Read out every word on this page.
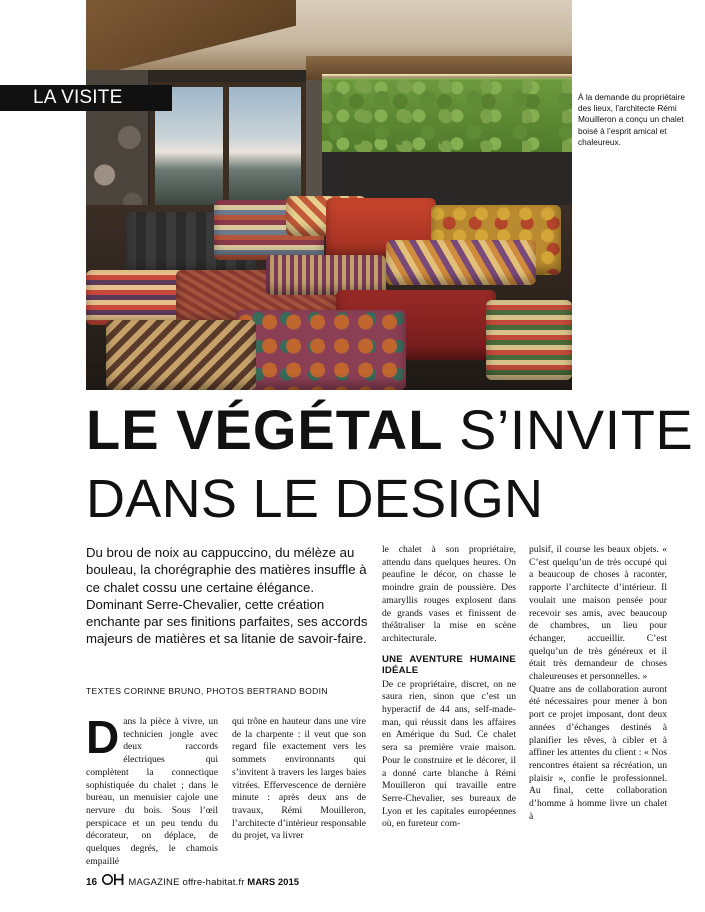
LA VISITE	À la demande du propriétaire des lieux, l’architecte Rémi Mouilleron a conçu un chalet boisé à l’esprit amical et chaleureux.
LE VÉGÉTAL S’INVITE
DANS LE DESIGN
Du brou de noix au cappuccino, du mélèze au bouleau, la chorégraphie des matières insuffle à ce chalet cossu une certaine élégance. Dominant Serre-Chevalier, cette création enchante par ses finitions parfaites, ses accords majeurs de matières et sa litanie de savoir-faire.
TEXTES CORINNE BRUNO, PHOTOS BERTRAND BODIN

Dans la pièce à vivre, un technicien jongle avec deux raccords électriques qui complètent la connectique sophistiquée du chalet ; dans le bureau, un menuisier cajole une nervure du bois. Sous l’œil perspicace et un peu tendu du décorateur, on déplace, de quelques degrés, le chamois empaillé

qui trône en hauteur dans une vire de la charpente : il veut que son regard file exactement vers les sommets environnants qui s’invitent à travers les larges baies vitrées. Effervescence de dernière minute : après deux ans de travaux, Rémi Mouilleron, l’architecte d’intérieur responsable du projet, va livrer

le chalet à son propriétaire, attendu dans quelques heures. On peaufine le décor, on chasse le moindre grain de poussière. Des amaryllis rouges explosent dans de grands vases et finissent de théâtraliser la mise en scène architecturale.

UNE AVENTURE HUMAINE IDÉALE

De ce propriétaire, discret, on ne saura rien, sinon que c’est un hyperactif de 44 ans, self-made-man, qui réussit dans les affaires en Amérique du Sud. Ce chalet sera sa première vraie maison. Pour le construire et le décorer, il a donné carte blanche à Rémi Mouilleron qui travaille entre Serre-Chevalier, ses bureaux de Lyon et les capitales européennes où, en fureteur com-

pulsif, il course les beaux objets. « C’est quelqu’un de très occupé qui a beaucoup de choses à raconter, rapporte l’architecte d’intérieur. Il voulait une maison pensée pour recevoir ses amis, avec beaucoup de chambres, un lieu pour échanger, accueillir. C’est quelqu’un de très généreux et il était très demandeur de choses chaleureuses et personnelles. »

Quatre ans de collaboration auront été nécessaires pour mener à bon port ce projet imposant, dont deux années d’échanges destinés à planifier les rêves, à cibler et à affiner les attentes du client : « Nos rencontres étaient sa récréation, un plaisir », confie le professionnel. Au final, cette collaboration d’homme à homme livre un chalet à

16	MAGAZINE offre-habitat.fr MARS 2015
